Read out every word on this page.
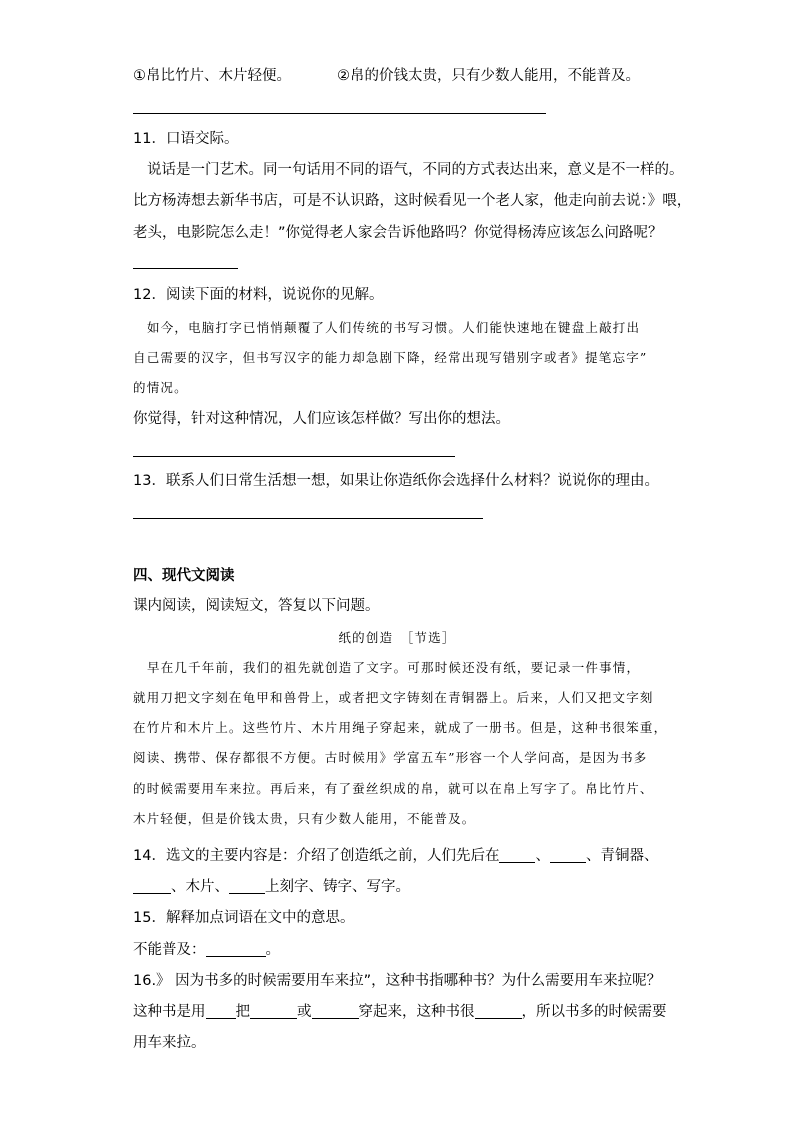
①帛比竹片、木片轻便。	②帛的价钱太贵，只有少数人能用，不能普及。
11．口语交际。
说话是一门艺术。同一句话用不同的语气，不同的方式表达出来，意义是不一样的。
比方杨涛想去新华书店，可是不认识路，这时候看见一个老人家，他走向前去说：》喂，
老头，电影院怎么走！”你觉得老人家会告诉他路吗？你觉得杨涛应该怎么问路呢？
12．阅读下面的材料，说说你的见解。
如今，电脑打字已悄悄颠覆了人们传统的书写习惯。人们能快速地在键盘上敲打出
自己需要的汉字，但书写汉字的能力却急剧下降，经常出现写错别字或者》提笔忘字”
的情况。
你觉得，针对这种情况，人们应该怎样做？写出你的想法。
13．联系人们日常生活想一想，如果让你造纸你会选择什么材料？说说你的理由。
四、现代文阅读
课内阅读，阅读短文，答复以下问题。
纸的创造　［节选］
早在几千年前，我们的祖先就创造了文字。可那时候还没有纸，要记录一件事情，
就用刀把文字刻在龟甲和兽骨上，或者把文字铸刻在青铜器上。后来，人们又把文字刻
在竹片和木片上。这些竹片、木片用绳子穿起来，就成了一册书。但是，这种书很笨重，
阅读、携带、保存都很不方便。古时候用》学富五车”形容一个人学问高，是因为书多
的时候需要用车来拉。再后来，有了蚕丝织成的帛，就可以在帛上写字了。帛比竹片、
木片轻便，但是价钱太贵，只有少数人能用，不能普及。
14．选文的主要内容是：介绍了创造纸之前，人们先后在 、 、青铜器、
、木片、 上刻字、铸字、写字。
15．解释加点词语在文中的意思。
不能普及：	。
16.》 因为书多的时候需要用车来拉”，这种书指哪种书？为什么需要用车来拉呢？
这种书是用 把	或	穿起来，这种书很	，所以书多的时候需要
用车来拉。
